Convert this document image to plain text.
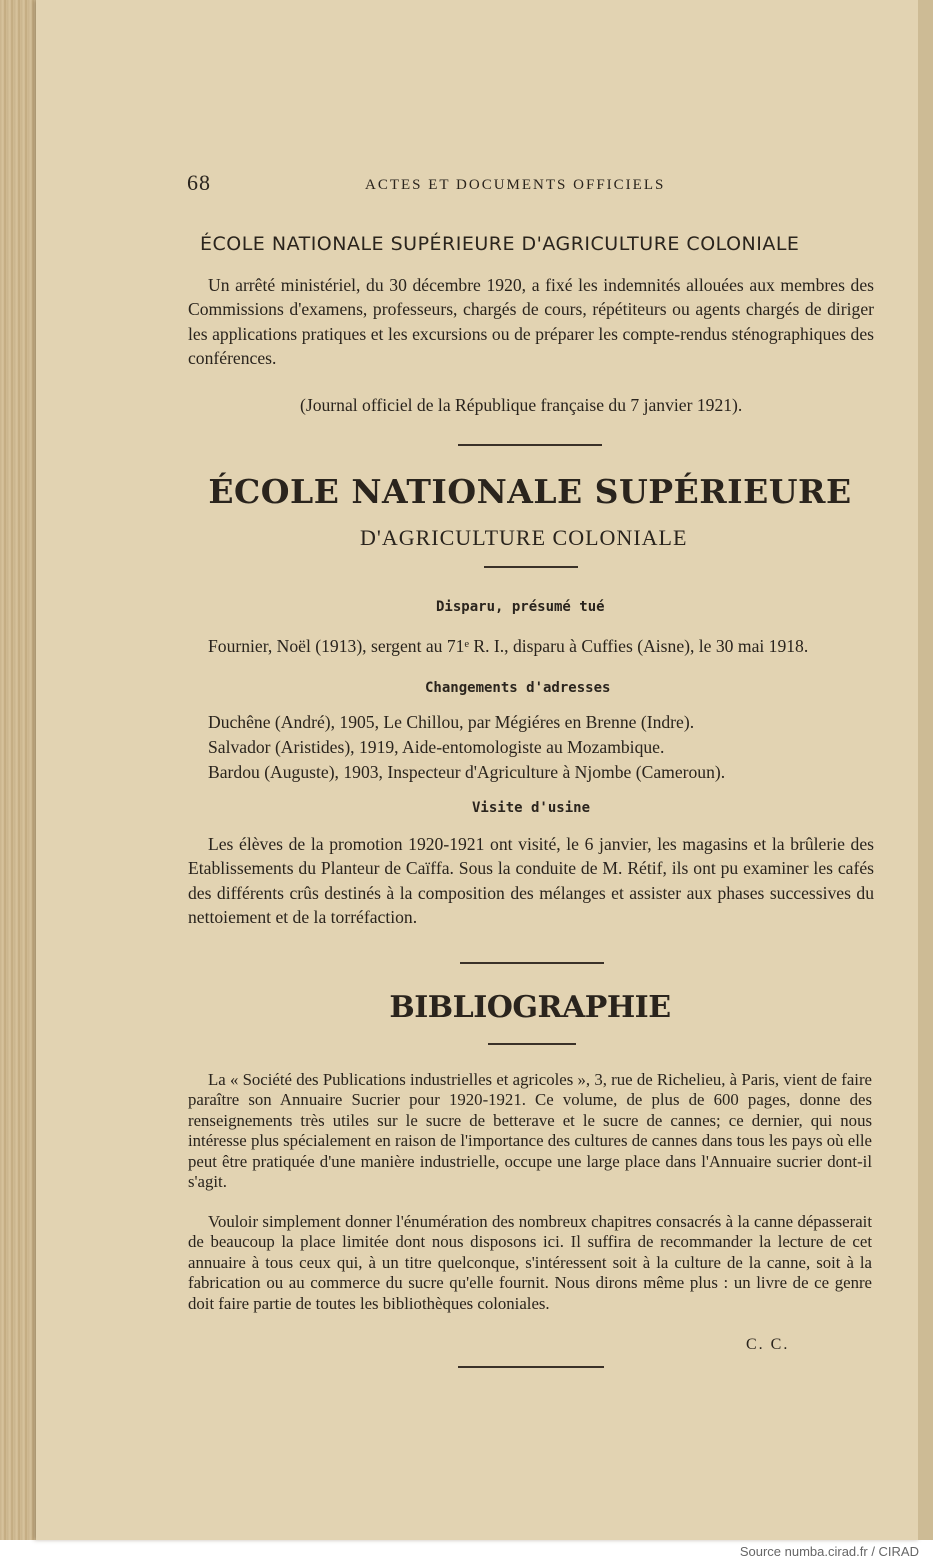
68	ACTES ET DOCUMENTS OFFICIELS
ÉCOLE NATIONALE SUPÉRIEURE D'AGRICULTURE COLONIALE
Un arrêté ministériel, du 30 décembre 1920, a fixé les indemnités allouées aux membres des Commissions d'examens, professeurs, chargés de cours, répétiteurs ou agents chargés de diriger les applications pratiques et les excursions ou de préparer les compte-rendus sténographiques des conférences.
(Journal officiel de la République française du 7 janvier 1921).
ÉCOLE NATIONALE SUPÉRIEURE
D'AGRICULTURE COLONIALE
Disparu, présumé tué
Fournier, Noël (1913), sergent au 71ᵉ R. I., disparu à Cuffies (Aisne), le 30 mai 1918.
Changements d'adresses
Duchêne (André), 1905, Le Chillou, par Mégiéres en Brenne (Indre).
Salvador (Aristides), 1919, Aide-entomologiste au Mozambique.
Bardou (Auguste), 1903, Inspecteur d'Agriculture à Njombe (Cameroun).
Visite d'usine
Les élèves de la promotion 1920-1921 ont visité, le 6 janvier, les magasins et la brûlerie des Etablissements du Planteur de Caïffa. Sous la conduite de M. Rétif, ils ont pu examiner les cafés des différents crûs destinés à la composition des mélanges et assister aux phases successives du nettoiement et de la torréfaction.
BIBLIOGRAPHIE
La « Société des Publications industrielles et agricoles », 3, rue de Richelieu, à Paris, vient de faire paraître son Annuaire Sucrier pour 1920-1921. Ce volume, de plus de 600 pages, donne des renseignements très utiles sur le sucre de betterave et le sucre de cannes; ce dernier, qui nous intéresse plus spécialement en raison de l'importance des cultures de cannes dans tous les pays où elle peut être pratiquée d'une manière industrielle, occupe une large place dans l'Annuaire sucrier dont-il s'agit.
Vouloir simplement donner l'énumération des nombreux chapitres consacrés à la canne dépasserait de beaucoup la place limitée dont nous disposons ici. Il suffira de recommander la lecture de cet annuaire à tous ceux qui, à un titre quelconque, s'intéressent soit à la culture de la canne, soit à la fabrication ou au commerce du sucre qu'elle fournit. Nous dirons même plus : un livre de ce genre doit faire partie de toutes les bibliothèques coloniales.
C. C.
Source numba.cirad.fr / CIRAD
